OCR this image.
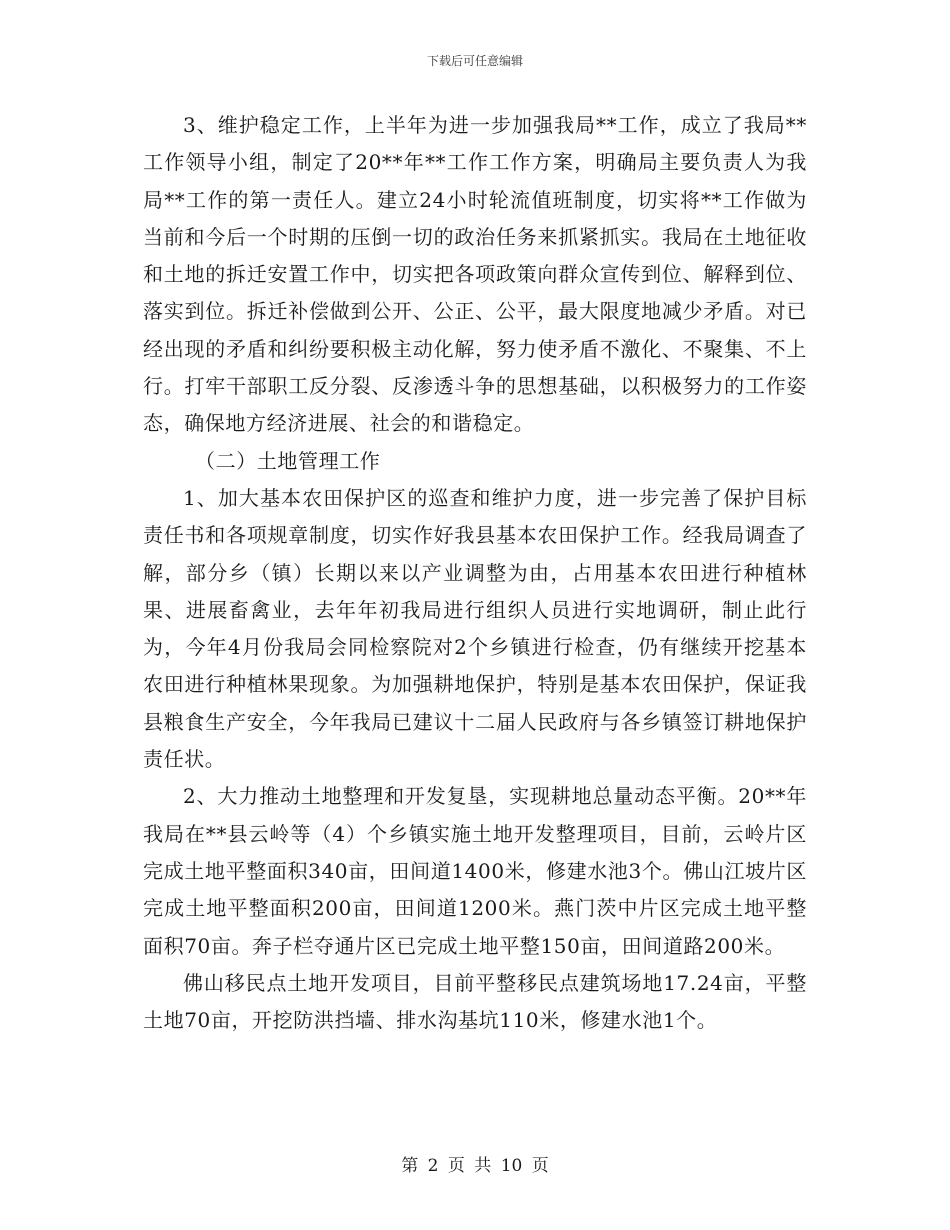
下载后可任意编辑

3、维护稳定工作，上半年为进一步加强我局**工作，成立了我局**工作领导小组，制定了20**年**工作工作方案，明确局主要负责人为我局**工作的第一责任人。建立24小时轮流值班制度，切实将**工作做为当前和今后一个时期的压倒一切的政治任务来抓紧抓实。我局在土地征收和土地的拆迁安置工作中，切实把各项政策向群众宣传到位、解释到位、落实到位。拆迁补偿做到公开、公正、公平，最大限度地减少矛盾。对已经出现的矛盾和纠纷要积极主动化解，努力使矛盾不激化、不聚集、不上行。打牢干部职工反分裂、反渗透斗争的思想基础，以积极努力的工作姿态，确保地方经济进展、社会的和谐稳定。

（二）土地管理工作

1、加大基本农田保护区的巡查和维护力度，进一步完善了保护目标责任书和各项规章制度，切实作好我县基本农田保护工作。经我局调查了解，部分乡（镇）长期以来以产业调整为由，占用基本农田进行种植林果、进展畜禽业，去年年初我局进行组织人员进行实地调研，制止此行为，今年4月份我局会同检察院对2个乡镇进行检查，仍有继续开挖基本农田进行种植林果现象。为加强耕地保护，特别是基本农田保护，保证我县粮食生产安全，今年我局已建议十二届人民政府与各乡镇签订耕地保护责任状。

2、大力推动土地整理和开发复垦，实现耕地总量动态平衡。20**年我局在**县云岭等（4）个乡镇实施土地开发整理项目，目前，云岭片区完成土地平整面积340亩，田间道1400米，修建水池3个。佛山江坡片区完成土地平整面积200亩，田间道1200米。燕门茨中片区完成土地平整面积70亩。奔子栏夺通片区已完成土地平整150亩，田间道路200米。

佛山移民点土地开发项目，目前平整移民点建筑场地17.24亩，平整土地70亩，开挖防洪挡墙、排水沟基坑110米，修建水池1个。

第 2 页 共 10 页
